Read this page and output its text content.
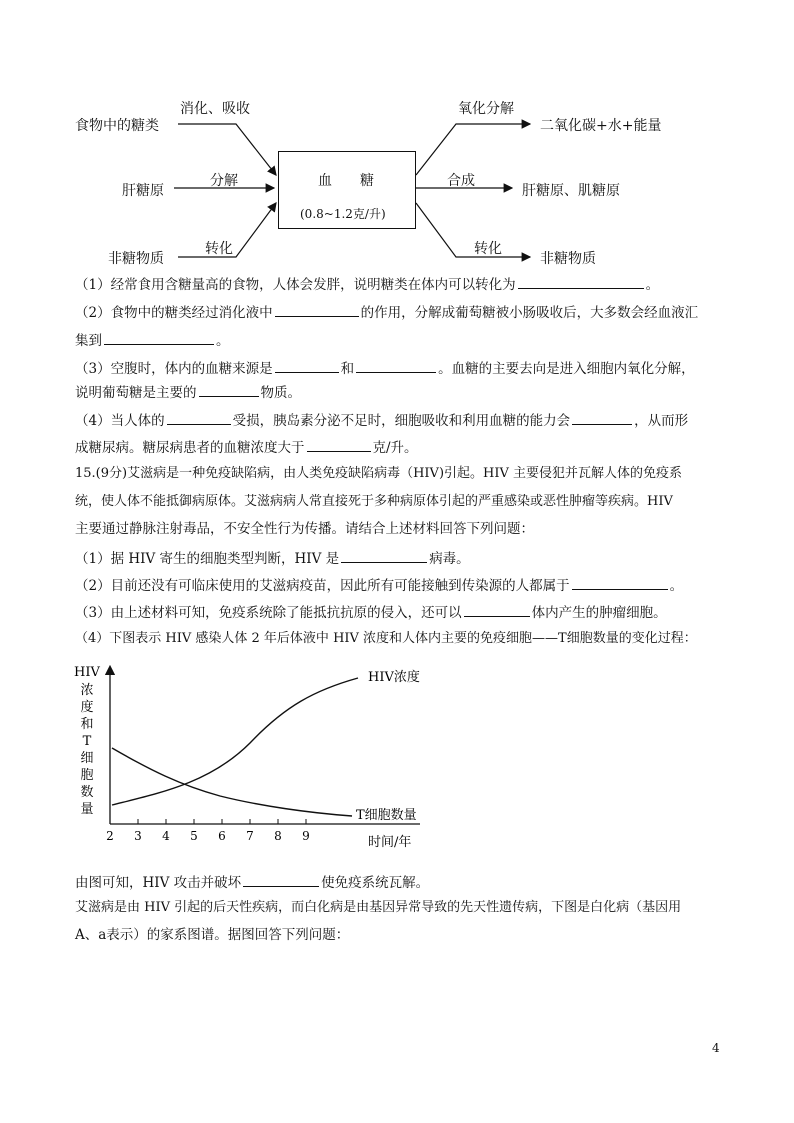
食物中的糖类
消化、吸收
肝糖原
分解
非糖物质
转化
血　　糖
(0.8~1.2克/升)
氧化分解
二氧化碳+水+能量
合成
肝糖原、肌糖原
转化
非糖物质
（1）经常食用含糖量高的食物，人体会发胖，说明糖类在体内可以转化为	。
（2）食物中的糖类经过消化液中	的作用，分解成葡萄糖被小肠吸收后，大多数会经血液汇
集到	。
（3）空腹时，体内的血糖来源是	和	。血糖的主要去向是进入细胞内氧化分解，
说明葡萄糖是主要的	物质。
（4）当人体的	受损，胰岛素分泌不足时，细胞吸收和利用血糖的能力会	，从而形
成糖尿病。糖尿病患者的血糖浓度大于	克/升。
15.(9分)艾滋病是一种免疫缺陷病，由人类免疫缺陷病毒（HIV)引起。HIV 主要侵犯并瓦解人体的免疫系
统，使人体不能抵御病原体。艾滋病病人常直接死于多种病原体引起的严重感染或恶性肿瘤等疾病。HIV
主要通过静脉注射毒品，不安全性行为传播。请结合上述材料回答下列问题：
（1）据 HIV 寄生的细胞类型判断，HIV 是	病毒。
（2）目前还没有可临床使用的艾滋病疫苗，因此所有可能接触到传染源的人都属于	。
（3）由上述材料可知，免疫系统除了能抵抗抗原的侵入，还可以	体内产生的肿瘤细胞。
（4）下图表示 HIV 感染人体 2 年后体液中 HIV 浓度和人体内主要的免疫细胞——T细胞数量的变化过程：
HIV
浓
度
和
T
细
胞
数
量
2 3 4 5 6 7 8 9
HIV浓度
T细胞数量
时间/年
由图可知，HIV 攻击并破坏	使免疫系统瓦解。
艾滋病是由 HIV 引起的后天性疾病，而白化病是由基因异常导致的先天性遗传病，下图是白化病（基因用
A、a表示）的家系图谱。据图回答下列问题：
4
